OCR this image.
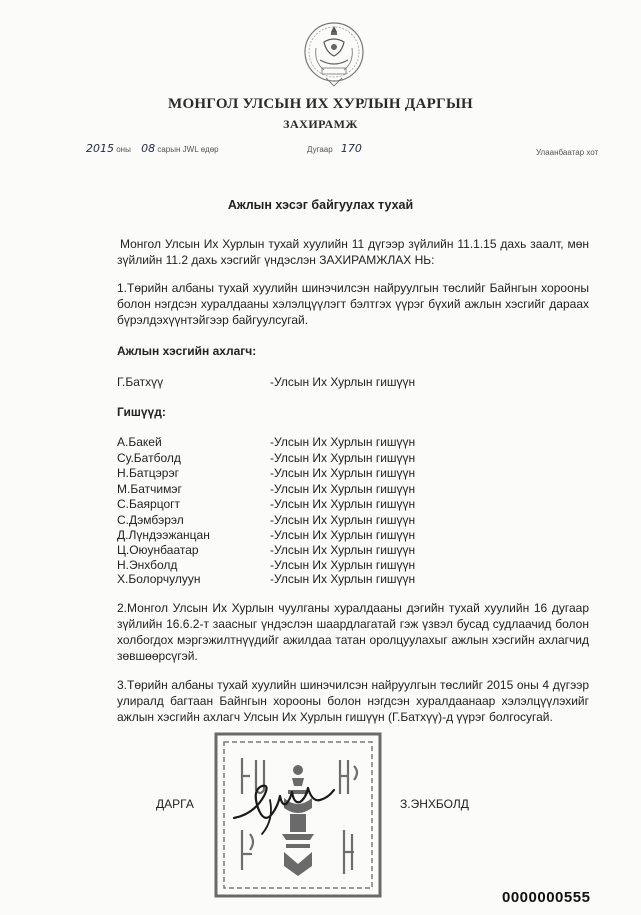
МОНГОЛ УЛСЫН ИХ ХУРЛЫН ДАРГЫН
ЗАХИРАМЖ
2015 оны 08 сарын JWL өдөр	Дугаар 170	Улаанбаатар хот
Ажлын хэсэг байгуулах тухай
Монгол Улсын Их Хурлын тухай хуулийн 11 дүгээр зүйлийн 11.1.15 дахь заалт, мөн зүйлийн 11.2 дахь хэсгийг үндэслэн ЗАХИРАМЖЛАХ НЬ:
1.Төрийн албаны тухай хуулийн шинэчилсэн найруулгын төслийг Байнгын хорооны болон нэгдсэн хуралдааны хэлэлцүүлэгт бэлтгэх үүрэг бүхий ажлын хэсгийг дараах бүрэлдэхүүнтэйгээр байгуулсугай.
Ажлын хэсгийн ахлагч:
Г.Батхүү	-Улсын Их Хурлын гишүүн
Гишүүд:
А.Бакей	-Улсын Их Хурлын гишүүн
Су.Батболд	-Улсын Их Хурлын гишүүн
Н.Батцэрэг	-Улсын Их Хурлын гишүүн
М.Батчимэг	-Улсын Их Хурлын гишүүн
С.Баярцогт	-Улсын Их Хурлын гишүүн
С.Дэмбэрэл	-Улсын Их Хурлын гишүүн
Д.Лүндээжанцан	-Улсын Их Хурлын гишүүн
Ц.Оюунбаатар	-Улсын Их Хурлын гишүүн
Н.Энхболд	-Улсын Их Хурлын гишүүн
Х.Болорчулуун	-Улсын Их Хурлын гишүүн
2.Монгол Улсын Их Хурлын чуулганы хуралдааны дэгийн тухай хуулийн 16 дугаар зүйлийн 16.6.2-т заасныг үндэслэн шаардлагатай гэж үзвэл бусад судлаачид болон холбогдох мэргэжилтнүүдийг ажилдаа татан оролцуулахыг ажлын хэсгийн ахлагчид зөвшөөрсүгэй.
3.Төрийн албаны тухай хуулийн шинэчилсэн найруулгын төслийг 2015 оны 4 дүгээр улиралд багтаан Байнгын хорооны болон нэгдсэн хуралдаанаар хэлэлцүүлэхийг ажлын хэсгийн ахлагч Улсын Их Хурлын гишүүн (Г.Батхүү)-д үүрэг болгосугай.
ДАРГА	З.ЭНХБОЛД
0000000555
